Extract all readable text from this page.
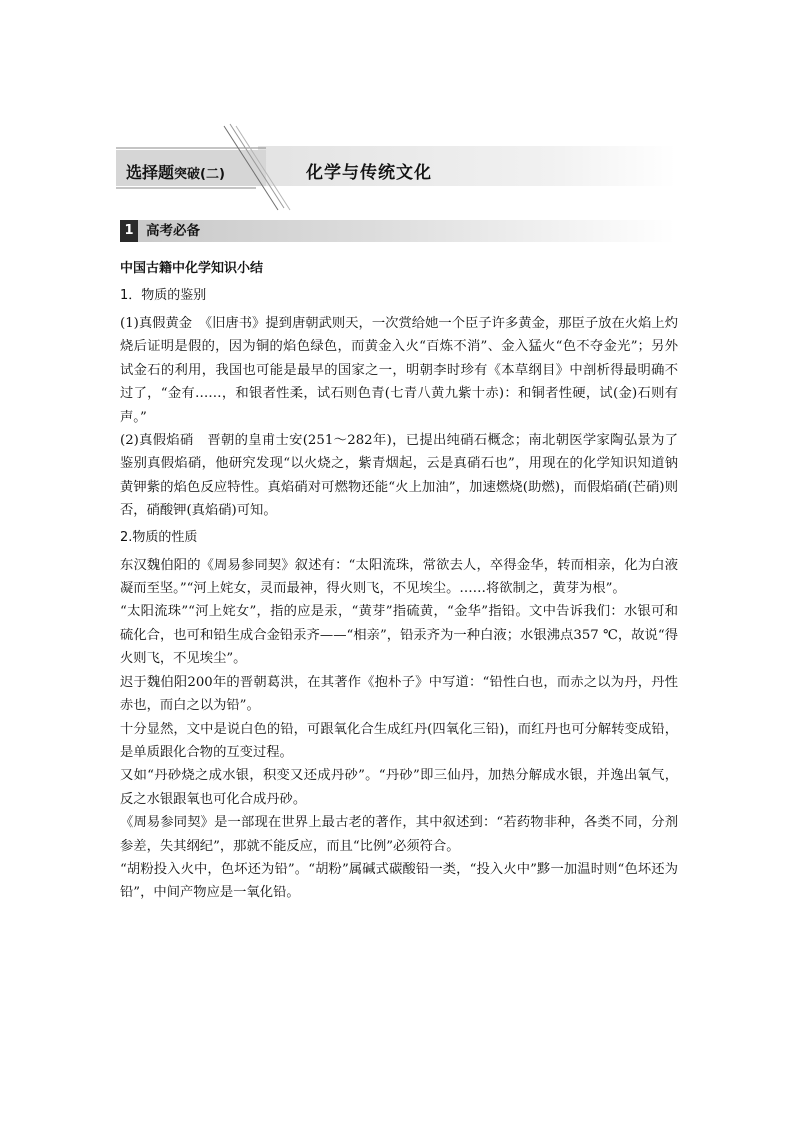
选择题突破(二)	化学与传统文化
1 高考必备
中国古籍中化学知识小结
1．物质的鉴别

(1)真假黄金　《旧唐书》提到唐朝武则天，一次赏给她一个臣子许多黄金，那臣子放在火焰上灼烧后证明是假的，因为铜的焰色绿色，而黄金入火“百炼不消”、金入猛火“色不夺金光”；另外试金石的利用，我国也可能是最早的国家之一，明朝李时珍有《本草纲目》中剖析得最明确不过了，“金有……，和银者性柔，试石则色青(七青八黄九紫十赤)：和铜者性硬，试(金)石则有声。”

(2)真假焰硝　晋朝的皇甫士安(251～282年)，已提出纯硝石概念；南北朝医学家陶弘景为了鉴别真假焰硝，他研究发现“以火烧之，紫青烟起，云是真硝石也”，用现在的化学知识知道钠黄钾紫的焰色反应特性。真焰硝对可燃物还能“火上加油”，加速燃烧(助燃)，而假焰硝(芒硝)则否，硝酸钾(真焰硝)可知。

2.物质的性质

东汉魏伯阳的《周易参同契》叙述有：“太阳流珠，常欲去人，卒得金华，转而相亲，化为白液凝而至坚。”“河上姹女，灵而最神，得火则飞，不见埃尘。……将欲制之，黄芽为根”。

“太阳流珠”“河上姹女”，指的应是汞，“黄芽”指硫黄，“金华”指铅。文中告诉我们：水银可和硫化合，也可和铅生成合金铅汞齐——“相亲”，铅汞齐为一种白液；水银沸点357 ℃，故说“得火则飞，不见埃尘”。

迟于魏伯阳200年的晋朝葛洪，在其著作《抱朴子》中写道：“铅性白也，而赤之以为丹，丹性赤也，而白之以为铅”。

十分显然，文中是说白色的铅，可跟氧化合生成红丹(四氧化三铅)，而红丹也可分解转变成铅，是单质跟化合物的互变过程。

又如“丹砂烧之成水银，积变又还成丹砂”。“丹砂”即三仙丹，加热分解成水银，并逸出氧气，反之水银跟氧也可化合成丹砂。

《周易参同契》是一部现在世界上最古老的著作，其中叙述到：“若药物非种，各类不同，分剂参差，失其纲纪”，那就不能反应，而且“比例”必须符合。

“胡粉投入火中，色坏还为铅”。“胡粉”属碱式碳酸铅一类，“投入火中”黟一加温时则“色坏还为铅”，中间产物应是一氧化铅。
